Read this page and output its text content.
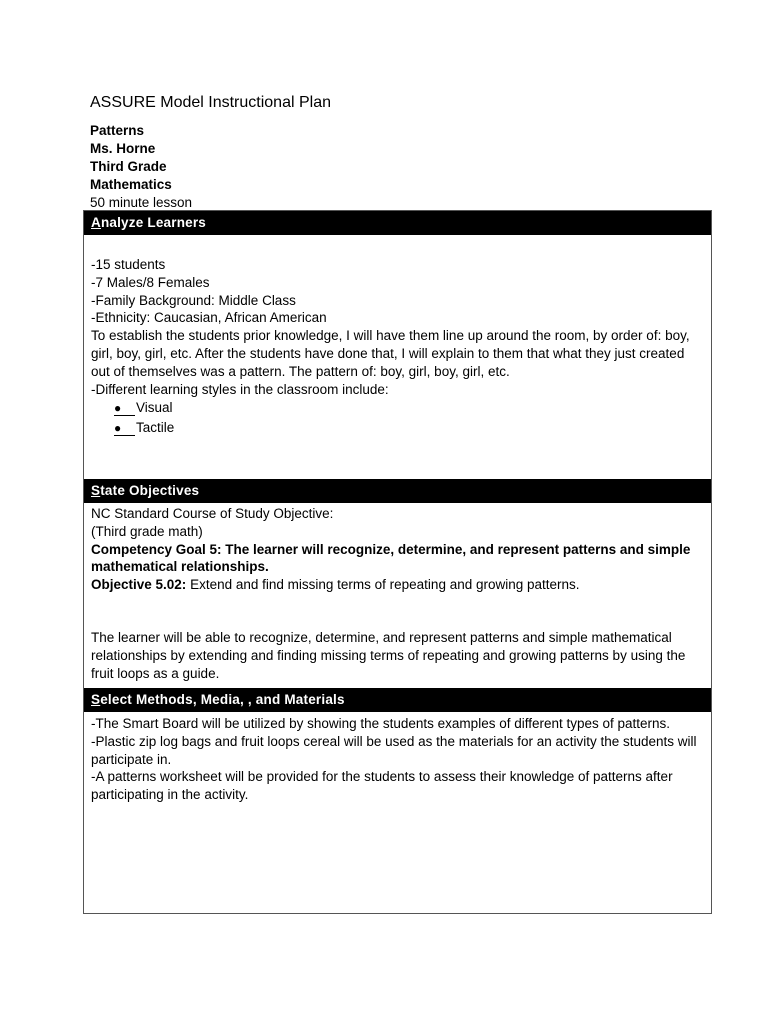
ASSURE Model Instructional Plan
Patterns
Ms. Horne
Third Grade
Mathematics
50 minute lesson
Analyze Learners

-15 students

-7 Males/8 Females

-Family Background: Middle Class

-Ethnicity: Caucasian, African American

To establish the students prior knowledge, I will have them line up around the room, by order of: boy, girl, boy, girl, etc. After the students have done that, I will explain to them that what they just created out of themselves was a pattern. The pattern of: boy, girl, boy, girl, etc.

-Different learning styles in the classroom include:

● Visual
● Tactile
State Objectives

NC Standard Course of Study Objective:

(Third grade math)

Competency Goal 5: The learner will recognize, determine, and represent patterns and simple mathematical relationships.

Objective 5.02: Extend and find missing terms of repeating and growing patterns.

The learner will be able to recognize, determine, and represent patterns and simple mathematical relationships by extending and finding missing terms of repeating and growing patterns by using the fruit loops as a guide.

Select Methods, Media, , and Materials

-The Smart Board will be utilized by showing the students examples of different types of patterns.

-Plastic zip log bags and fruit loops cereal will be used as the materials for an activity the students will participate in.

-A patterns worksheet will be provided for the students to assess their knowledge of patterns after participating in the activity.
